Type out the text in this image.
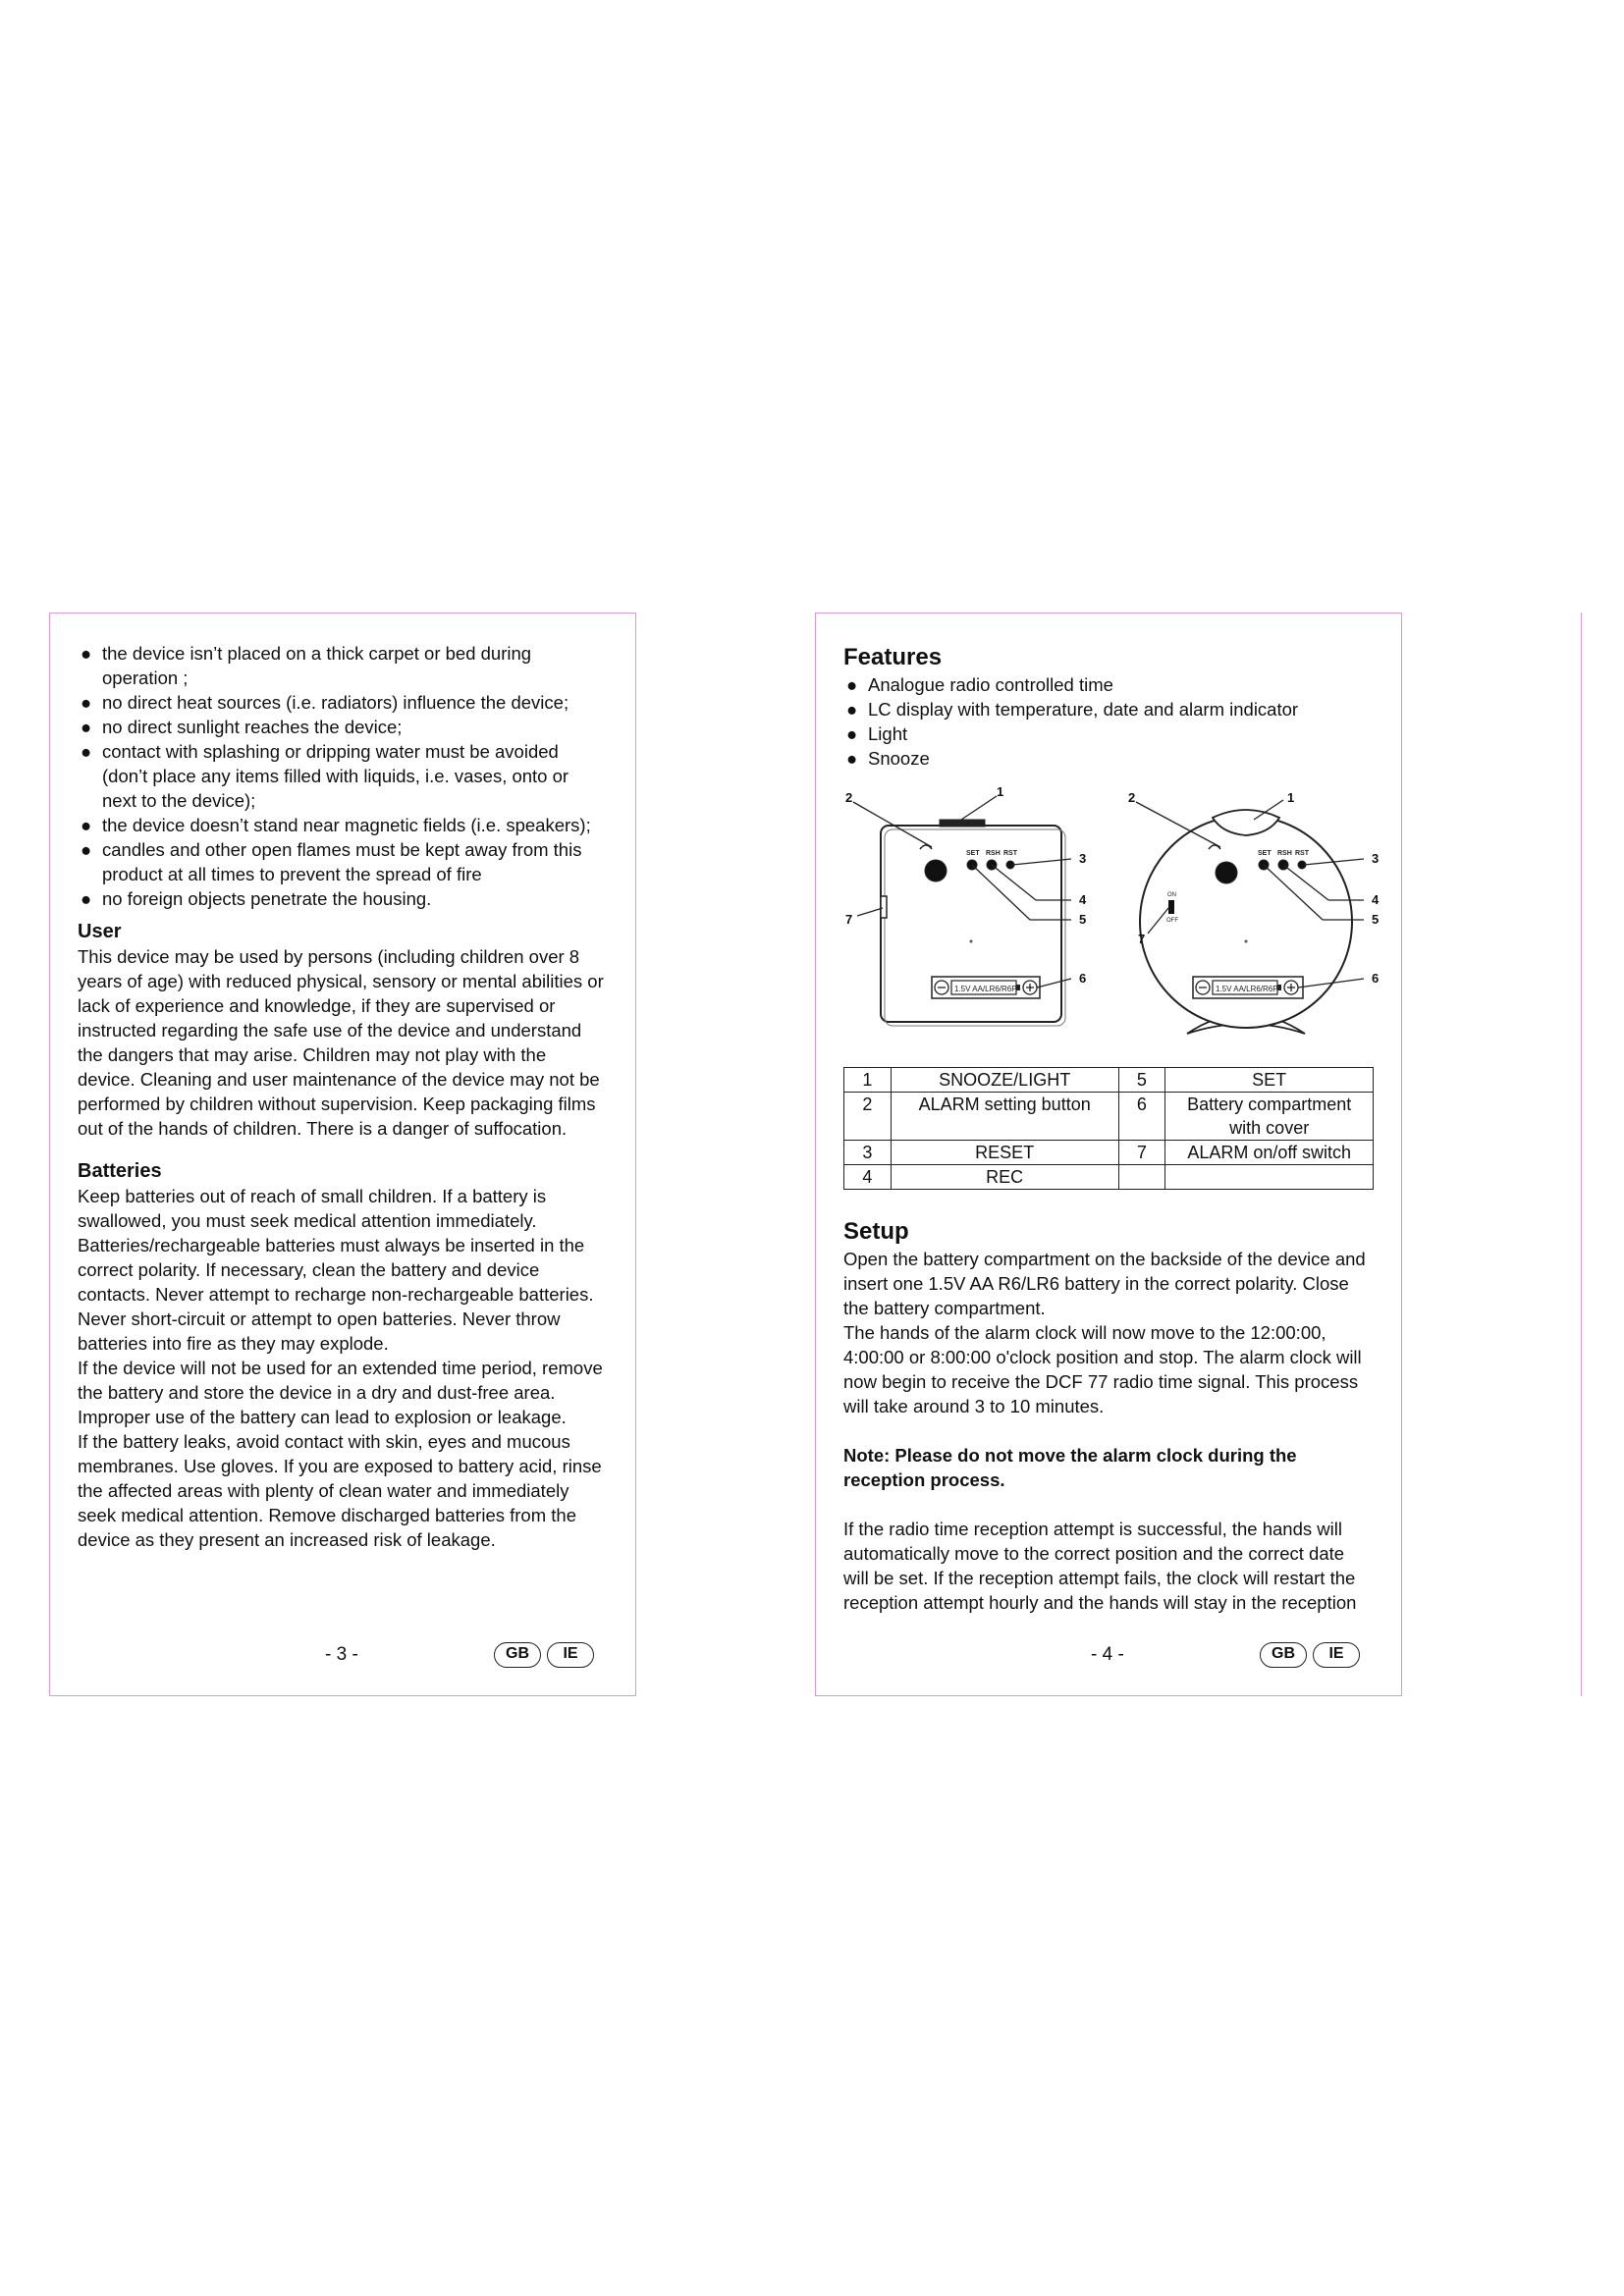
● the device isn’t placed on a thick carpet or bed during operation ;
● no direct heat sources (i.e. radiators) influence the device;
● no direct sunlight reaches the device;
● contact with splashing or dripping water must be avoided (don’t place any items filled with liquids, i.e. vases, onto or next to the device);
● the device doesn’t stand near magnetic fields (i.e. speakers);
● candles and other open flames must be kept away from this product at all times to prevent the spread of fire
● no foreign objects penetrate the housing.
User

This device may be used by persons (including children over 8 years of age) with reduced physical, sensory or mental abilities or lack of experience and knowledge, if they are supervised or instructed regarding the safe use of the device and understand the dangers that may arise. Children may not play with the device. Cleaning and user maintenance of the device may not be performed by children without supervision. Keep packaging films out of the hands of children. There is a danger of suffocation.

Batteries

Keep batteries out of reach of small children. If a battery is swallowed, you must seek medical attention immediately.

Batteries/rechargeable batteries must always be inserted in the correct polarity. If necessary, clean the battery and device contacts. Never attempt to recharge non-rechargeable batteries. Never short-circuit or attempt to open batteries. Never throw batteries into fire as they may explode.

If the device will not be used for an extended time period, remove the battery and store the device in a dry and dust-free area.

Improper use of the battery can lead to explosion or leakage.

If the battery leaks, avoid contact with skin, eyes and mucous membranes. Use gloves. If you are exposed to battery acid, rinse the affected areas with plenty of clean water and immediately seek medical attention. Remove discharged batteries from the device as they present an increased risk of leakage.

- 3 -	GB	IE
Features
● Analogue radio controlled time
● LC display with temperature, date and alarm indicator
● Light
● Snooze
SET RSH RST
1.5V AA/LR6/R6P
1
2
3
4
5
6
7
SET RSH RST
ON
OFF
1.5V AA/LR6/R6P
1
2
3
4
5
6
7
1	SNOOZE/LIGHT	5	SET
2	ALARM setting button	6	Battery compartment with cover
3	RESET	7	ALARM on/off switch
4	REC		
Setup

Open the battery compartment on the backside of the device and insert one 1.5V AA R6/LR6 battery in the correct polarity. Close the battery compartment.

The hands of the alarm clock will now move to the 12:00:00, 4:00:00 or 8:00:00 o'clock position and stop. The alarm clock will now begin to receive the DCF 77 radio time signal. This process will take around 3 to 10 minutes.

Note: Please do not move the alarm clock during the reception process.

If the radio time reception attempt is successful, the hands will automatically move to the correct position and the correct date will be set. If the reception attempt fails, the clock will restart the reception attempt hourly and the hands will stay in the reception

- 4 -	GB	IE
